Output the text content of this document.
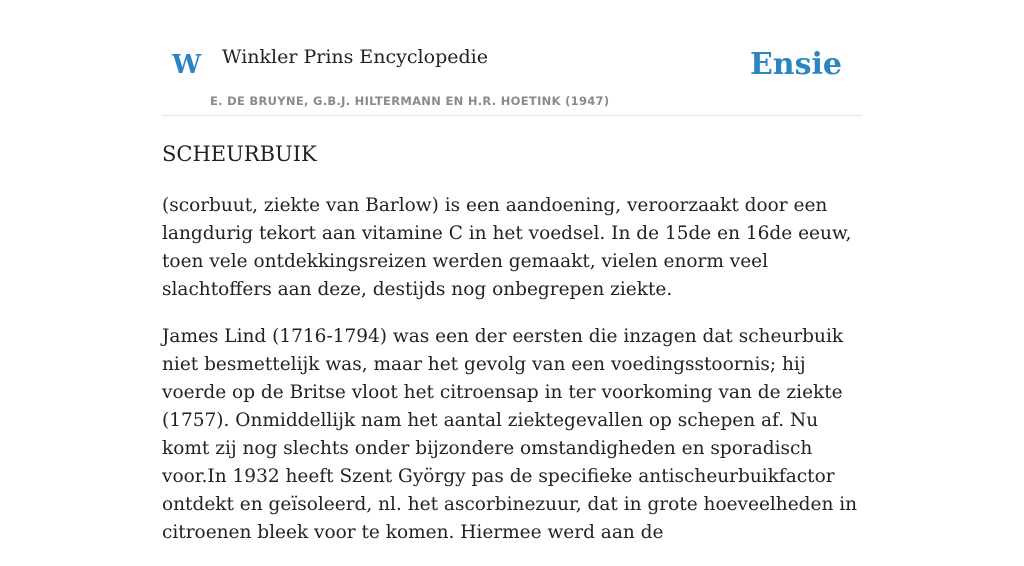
W Winkler Prins Encyclopedie
E. DE BRUYNE, G.B.J. HILTERMANN EN H.R. HOETINK (1947)
Ensie
SCHEURBUIK

(scorbuut, ziekte van Barlow) is een aandoening, veroorzaakt door een langdurig tekort aan vitamine C in het voedsel. In de 15de en 16de eeuw, toen vele ontdekkingsreizen werden gemaakt, vielen enorm veel slachtoffers aan deze, destijds nog onbegrepen ziekte.

James Lind (1716-1794) was een der eersten die inzagen dat scheurbuik niet besmettelijk was, maar het gevolg van een voedingsstoornis; hij voerde op de Britse vloot het citroensap in ter voorkoming van de ziekte (1757). Onmiddellijk nam het aantal ziektegevallen op schepen af. Nu komt zij nog slechts onder bijzondere omstandigheden en sporadisch voor.In 1932 heeft Szent György pas de specifieke antischeurbuikfactor ontdekt en geïsoleerd, nl. het ascorbinezuur, dat in grote hoeveelheden in citroenen bleek voor te komen. Hiermee werd aan de
